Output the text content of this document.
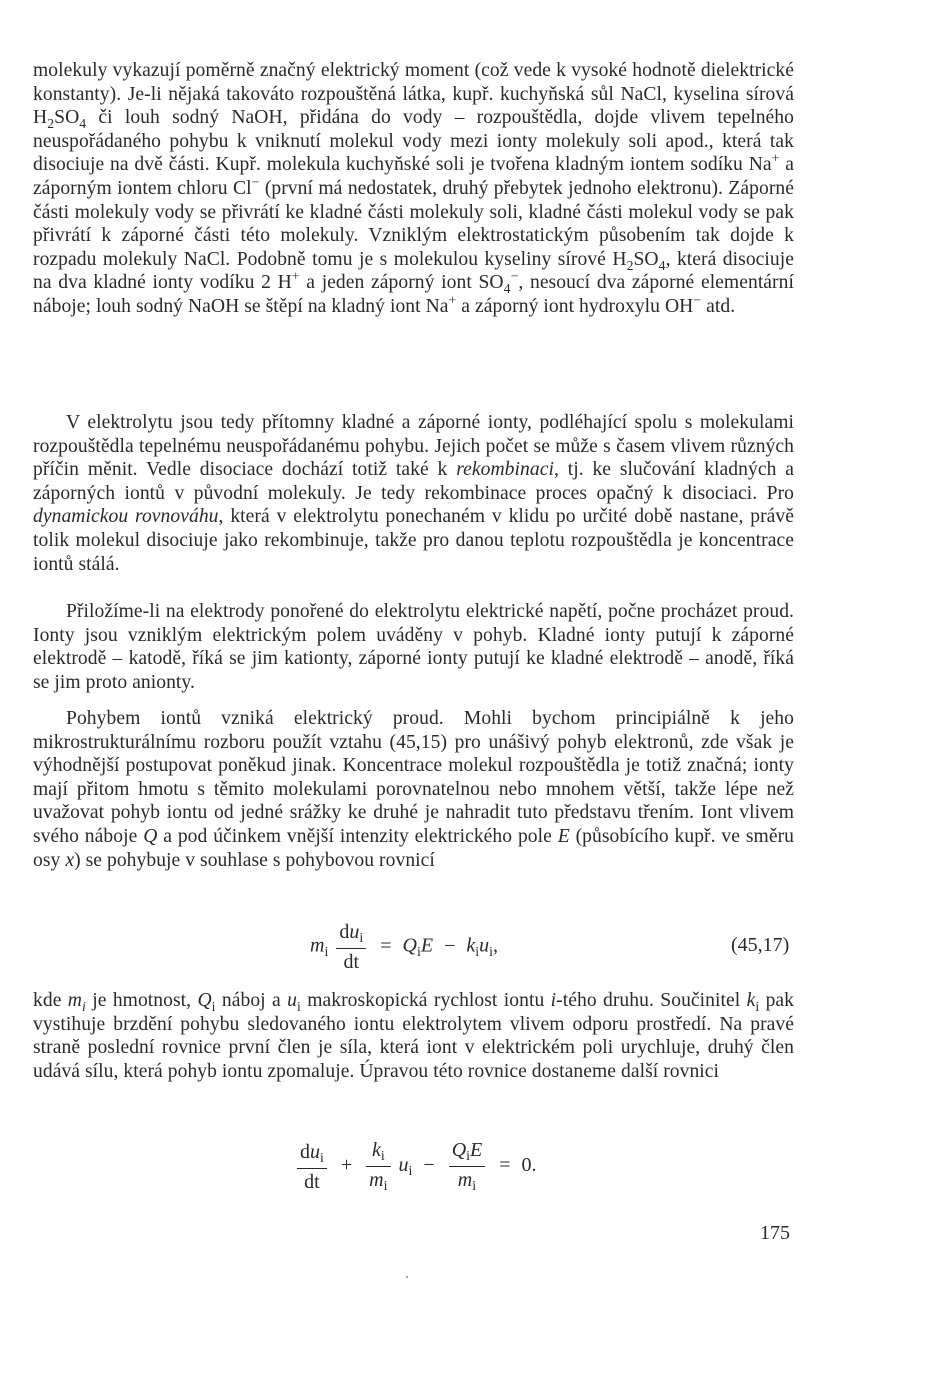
molekuly vykazují poměrně značný elektrický moment (což vede k vysoké hodnotě dielektrické konstanty). Je-li nějaká takováto rozpouštěná látka, kupř. kuchyňská sůl NaCl, kyselina sírová $H_2SO_4$ či louh sodný NaOH, přidána do vody – rozpouštědla, dojde vlivem tepelného neuspořádaného pohybu k vniknutí molekul vody mezi ionty molekuly soli apod., která tak disociuje na dvě části. Kupř. molekula kuchyňské soli je tvořena kladným iontem sodíku Na+ a záporným iontem chloru Cl− (první má nedostatek, druhý přebytek jednoho elektronu). Záporné části molekuly vody se přivrátí ke kladné části molekuly soli, kladné části molekul vody se pak přivrátí k záporné části této molekuly. Vzniklým elektrostatickým působením tak dojde k rozpadu molekuly NaCl. Podobně tomu je s molekulou kyseliny sírové $H_2SO_4$, která disociuje na dva kladné ionty vodíku 2 H+ a jeden záporný iont $SO_4^-$, nesoucí dva záporné elementární náboje; louh sodný NaOH se štěpí na kladný iont Na+ a záporný iont hydroxylu OH− atd.

V elektrolytu jsou tedy přítomny kladné a záporné ionty, podléhající spolu s molekulami rozpouštědla tepelnému neuspořádanému pohybu. Jejich počet se může s časem vlivem různých příčin měnit. Vedle disociace dochází totiž také k rekombinaci, tj. ke slučování kladných a záporných iontů v původní molekuly. Je tedy rekombinace proces opačný k disociaci. Pro dynamickou rovnováhu, která v elektrolytu ponechaném v klidu po určité době nastane, právě tolik molekul disociuje jako rekombinuje, takže pro danou teplotu rozpouštědla je koncentrace iontů stálá.

Přiložíme-li na elektrody ponořené do elektrolytu elektrické napětí, počne procházet proud. Ionty jsou vzniklým elektrickým polem uváděny v pohyb. Kladné ionty putují k záporné elektrodě – katodě, říká se jim kationty, záporné ionty putují ke kladné elektrodě – anodě, říká se jim proto anionty.

Pohybem iontů vzniká elektrický proud. Mohli bychom principiálně k jeho mikrostrukturálnímu rozboru použít vztahu (45,15) pro unášivý pohyb elektronů, zde však je výhodnější postupovat poněkud jinak. Koncentrace molekul rozpouštědla je totiž značná; ionty mají přitom hmotu s těmito molekulami porovnatelnou nebo mnohem větší, takže lépe než uvažovat pohyb iontu od jedné srážky ke druhé je nahradit tuto představu třením. Iont vlivem svého náboje Q a pod účinkem vnější intenzity elektrického pole E (působícího kupř. ve směru osy x) se pohybuje v souhlase s pohybovou rovnicí

$m_i \frac{du_i}{dt} = Q_iE - k_iu_i$,	(45,17)

kde $m_i$ je hmotnost, $Q_i$ náboj a $u_i$ makroskopická rychlost iontu i-tého druhu. Součinitel $k_i$ pak vystihuje brzdění pohybu sledovaného iontu elektrolytem vlivem odporu prostředí. Na pravé straně poslední rovnice první člen je síla, která iont v elektrickém poli urychluje, druhý člen udává sílu, která pohyb iontu zpomaluje. Úpravou této rovnice dostaneme další rovnici

$\frac{du_i}{dt} + \frac{k_i}{m_i} u_i - \frac{Q_iE}{m_i} = 0$.
175
